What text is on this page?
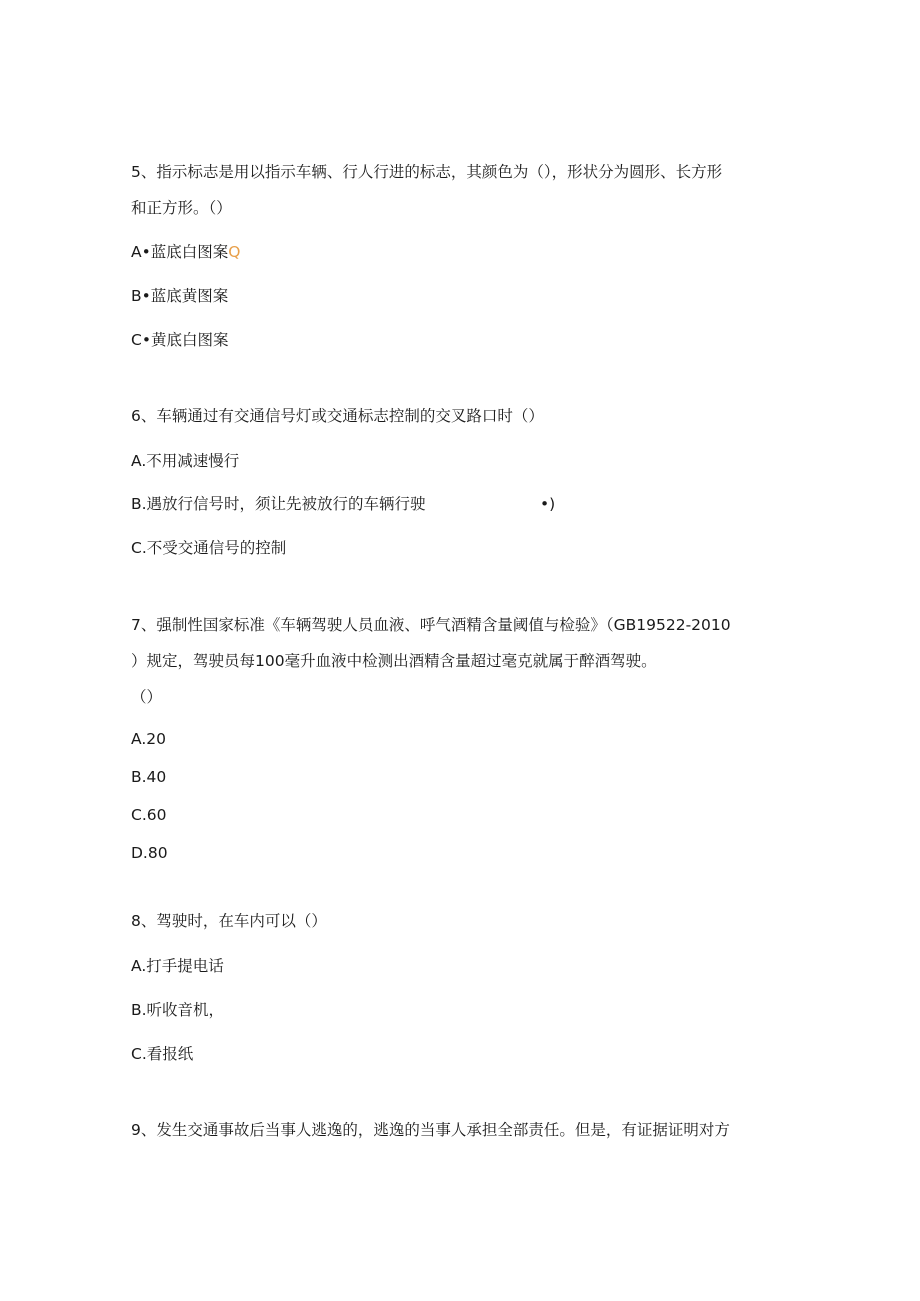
5、指示标志是用以指示车辆、行人行进的标志，其颜色为（），形状分为圆形、长方形
和正方形。（）
A•蓝底白图案Q
B•蓝底黄图案
C•黄底白图案
6、车辆通过有交通信号灯或交通标志控制的交叉路口时（）
A.不用减速慢行
B.遇放行信号时，须让先被放行的车辆行驶	•)
C.不受交通信号的控制
7、强制性国家标准《车辆驾驶人员血液、呼气酒精含量阈值与检验》（GB19522-2010
）规定，驾驶员每100毫升血液中检测出酒精含量超过毫克就属于醉酒驾驶。
（）
A.20
B.40
C.60
D.80
8、驾驶时，在车内可以（）
A.打手提电话
B.听收音机，
C.看报纸
9、发生交通事故后当事人逃逸的，逃逸的当事人承担全部责任。但是，有证据证明对方
